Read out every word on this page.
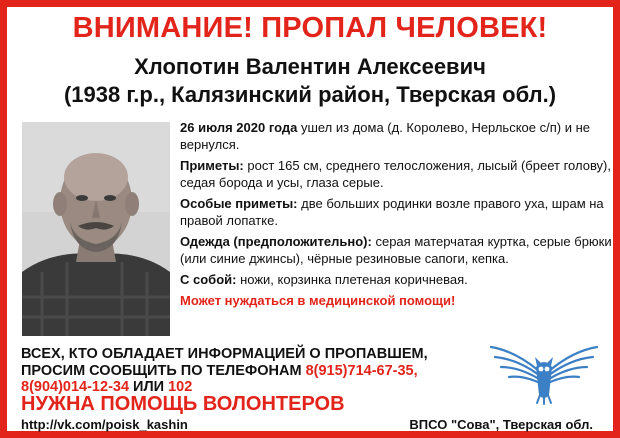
ВНИМАНИЕ! ПРОПАЛ ЧЕЛОВЕК!
Хлопотин Валентин Алексеевич
(1938 г.р., Калязинский район, Тверская обл.)

26 июля 2020 года ушел из дома (д. Королево, Нерльское с/п) и не вернулся.

Приметы: рост 165 см, среднего телосложения, лысый (бреет голову), седая борода и усы, глаза серые.

Особые приметы: две больших родинки возле правого уха, шрам на правой лопатке.

Одежда (предположительно): серая матерчатая куртка, серые брюки (или синие джинсы), чёрные резиновые сапоги, кепка.

С собой: ножи, корзинка плетеная коричневая.

Может нуждаться в медицинской помощи!

ВСЕХ, КТО ОБЛАДАЕТ ИНФОРМАЦИЕЙ О ПРОПАВШЕМ,
ПРОСИМ СООБЩИТЬ ПО ТЕЛЕФОНАМ 8(915)714-67-35,
8(904)014-12-34 ИЛИ 102
НУЖНА ПОМОЩЬ ВОЛОНТЕРОВ
http://vk.com/poisk_kashin	ВПСО "Сова", Тверская обл.
